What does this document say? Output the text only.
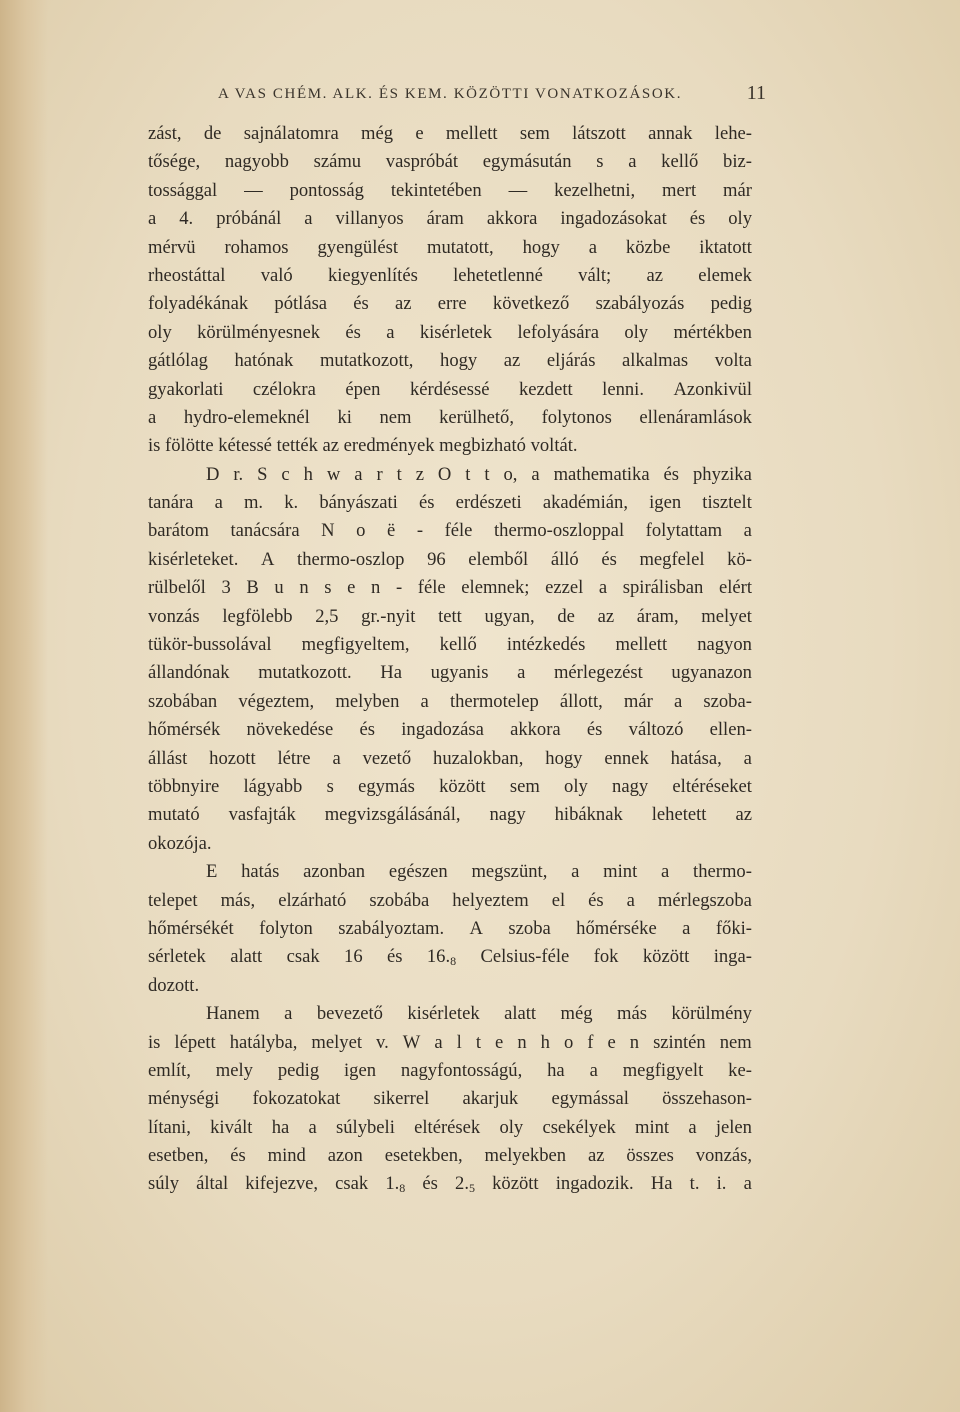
A VAS CHÉM. ALK. ÉS KEM. KÖZÖTTI VONATKOZÁSOK.	11
zást, de sajnálatomra még e mellett sem látszott annak lehe-
tősége, nagyobb számu vaspróbát egymásután s a kellő biz-
tossággal — pontosság tekintetében — kezelhetni, mert már
a 4. próbánál a villanyos áram akkora ingadozásokat és oly
mérvü rohamos gyengülést mutatott, hogy a közbe iktatott
rheostáttal való kiegyenlítés lehetetlenné vált; az elemek
folyadékának pótlása és az erre következő szabályozás pedig
oly körülményesnek és a kisérletek lefolyására oly mértékben
gátlólag hatónak mutatkozott, hogy az eljárás alkalmas volta
gyakorlati czélokra épen kérdésessé kezdett lenni. Azonkivül
a hydro-elemeknél ki nem kerülhető, folytonos ellenáramlások
is fölötte kétessé tették az eredmények megbizható voltát.
D r. S c h w a r t z O t t o, a mathematika és phyzika
tanára a m. k. bányászati és erdészeti akadémián, igen tisztelt
barátom tanácsára N o ë - féle thermo-oszloppal folytattam a
kisérleteket. A thermo-oszlop 96 elemből álló és megfelel kö-
rülbelől 3 B u n s e n - féle elemnek; ezzel a spirálisban elért
vonzás legfölebb 2,5 gr.-nyit tett ugyan, de az áram, melyet
tükör-bussolával megfigyeltem, kellő intézkedés mellett nagyon
állandónak mutatkozott. Ha ugyanis a mérlegezést ugyanazon
szobában végeztem, melyben a thermotelep állott, már a szoba-
hőmérsék növekedése és ingadozása akkora és változó ellen-
állást hozott létre a vezető huzalokban, hogy ennek hatása, a
többnyire lágyabb s egymás között sem oly nagy eltéréseket
mutató vasfajták megvizsgálásánál, nagy hibáknak lehetett az
okozója.
E hatás azonban egészen megszünt, a mint a thermo-
telepet más, elzárható szobába helyeztem el és a mérlegszoba
hőmérsékét folyton szabályoztam. A szoba hőmérséke a főki-
sérletek alatt csak 16 és 16.8 Celsius-féle fok között inga-
dozott.
Hanem a bevezető kisérletek alatt még más körülmény
is lépett hatályba, melyet v. W a l t e n h o f e n szintén nem
említ, mely pedig igen nagyfontosságú, ha a megfigyelt ke-
ménységi fokozatokat sikerrel akarjuk egymással összehason-
lítani, kivált ha a súlybeli eltérések oly csekélyek mint a jelen
esetben, és mind azon esetekben, melyekben az összes vonzás,
súly által kifejezve, csak 1.8 és 2.5 között ingadozik. Ha t. i. a
